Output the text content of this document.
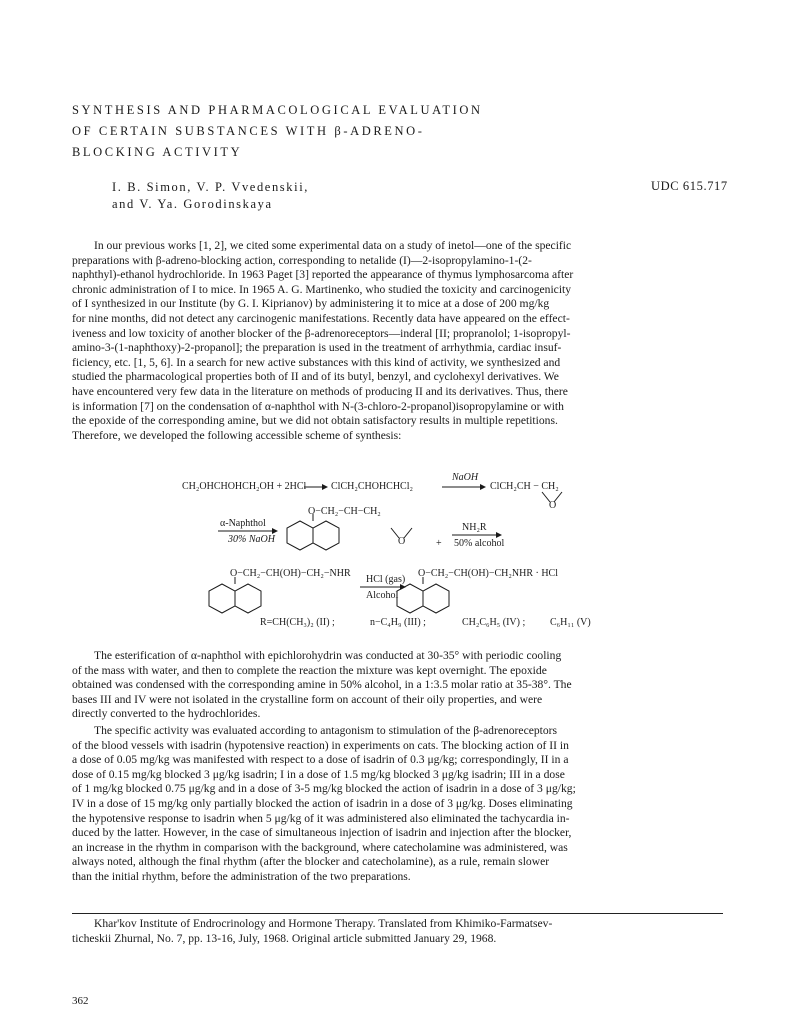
SYNTHESIS AND PHARMACOLOGICAL EVALUATION
OF CERTAIN SUBSTANCES WITH β-ADRENO-
BLOCKING ACTIVITY
I. B. Simon, V. P. Vvedenskii,
and V. Ya. Gorodinskaya
UDC 615.717
In our previous works [1, 2], we cited some experimental data on a study of inetol—one of the specific
preparations with β-adreno-blocking action, corresponding to netalide (I)—2-isopropylamino-1-(2-
naphthyl)-ethanol hydrochloride. In 1963 Paget [3] reported the appearance of thymus lymphosarcoma after
chronic administration of I to mice. In 1965 A. G. Martinenko, who studied the toxicity and carcinogenicity
of I synthesized in our Institute (by G. I. Kiprianov) by administering it to mice at a dose of 200 mg/kg
for nine months, did not detect any carcinogenic manifestations. Recently data have appeared on the effect-
iveness and low toxicity of another blocker of the β-adrenoreceptors—inderal [II; propranolol; 1-isopropyl-
amino-3-(1-naphthoxy)-2-propanol]; the preparation is used in the treatment of arrhythmia, cardiac insuf-
ficiency, etc. [1, 5, 6]. In a search for new active substances with this kind of activity, we synthesized and
studied the pharmacological properties both of II and of its butyl, benzyl, and cyclohexyl derivatives. We
have encountered very few data in the literature on methods of producing II and its derivatives. Thus, there
is information [7] on the condensation of α-naphthol with N-(3-chloro-2-propanol)isopropylamine or with
the epoxide of the corresponding amine, but we did not obtain satisfactory results in multiple repetitions.
Therefore, we developed the following accessible scheme of synthesis:
CH₂OHCHOHCH₂OH + 2HCl ClCH₂CHOHCHCl₂
NaOH
ClCH₂CH − CH₂
O
α-Naphthol
30% NaOH
O−CH₂−CH−CH₂
O	+
NH₂R
50% alcohol
O−CH₂−CH(OH)−CH₂−NHR
HCl (gas)
Alcohol
O−CH₂−CH(OH)−CH₂NHR · HCl
R=CH(CH₃)₂ (II) ;	n−C₄H₉ (III) ;	CH₂C₆H₅ (IV) ; C₆H₁₁ (V)
The esterification of α-naphthol with epichlorohydrin was conducted at 30-35° with periodic cooling
of the mass with water, and then to complete the reaction the mixture was kept overnight. The epoxide
obtained was condensed with the corresponding amine in 50% alcohol, in a 1:3.5 molar ratio at 35-38°. The
bases III and IV were not isolated in the crystalline form on account of their oily properties, and were
directly converted to the hydrochlorides.
The specific activity was evaluated according to antagonism to stimulation of the β-adrenoreceptors
of the blood vessels with isadrin (hypotensive reaction) in experiments on cats. The blocking action of II in
a dose of 0.05 mg/kg was manifested with respect to a dose of isadrin of 0.3 μg/kg; correspondingly, II in a
dose of 0.15 mg/kg blocked 3 μg/kg isadrin; I in a dose of 1.5 mg/kg blocked 3 μg/kg isadrin; III in a dose
of 1 mg/kg blocked 0.75 μg/kg and in a dose of 3-5 mg/kg blocked the action of isadrin in a dose of 3 μg/kg;
IV in a dose of 15 mg/kg only partially blocked the action of isadrin in a dose of 3 μg/kg. Doses eliminating
the hypotensive response to isadrin when 5 μg/kg of it was administered also eliminated the tachycardia in-
duced by the latter. However, in the case of simultaneous injection of isadrin and injection after the blocker,
an increase in the rhythm in comparison with the background, where catecholamine was administered, was
always noted, although the final rhythm (after the blocker and catecholamine), as a rule, remain slower
than the initial rhythm, before the administration of the two preparations.
Khar'kov Institute of Endrocrinology and Hormone Therapy. Translated from Khimiko-Farmatsev-
ticheskii Zhurnal, No. 7, pp. 13-16, July, 1968. Original article submitted January 29, 1968.
362
